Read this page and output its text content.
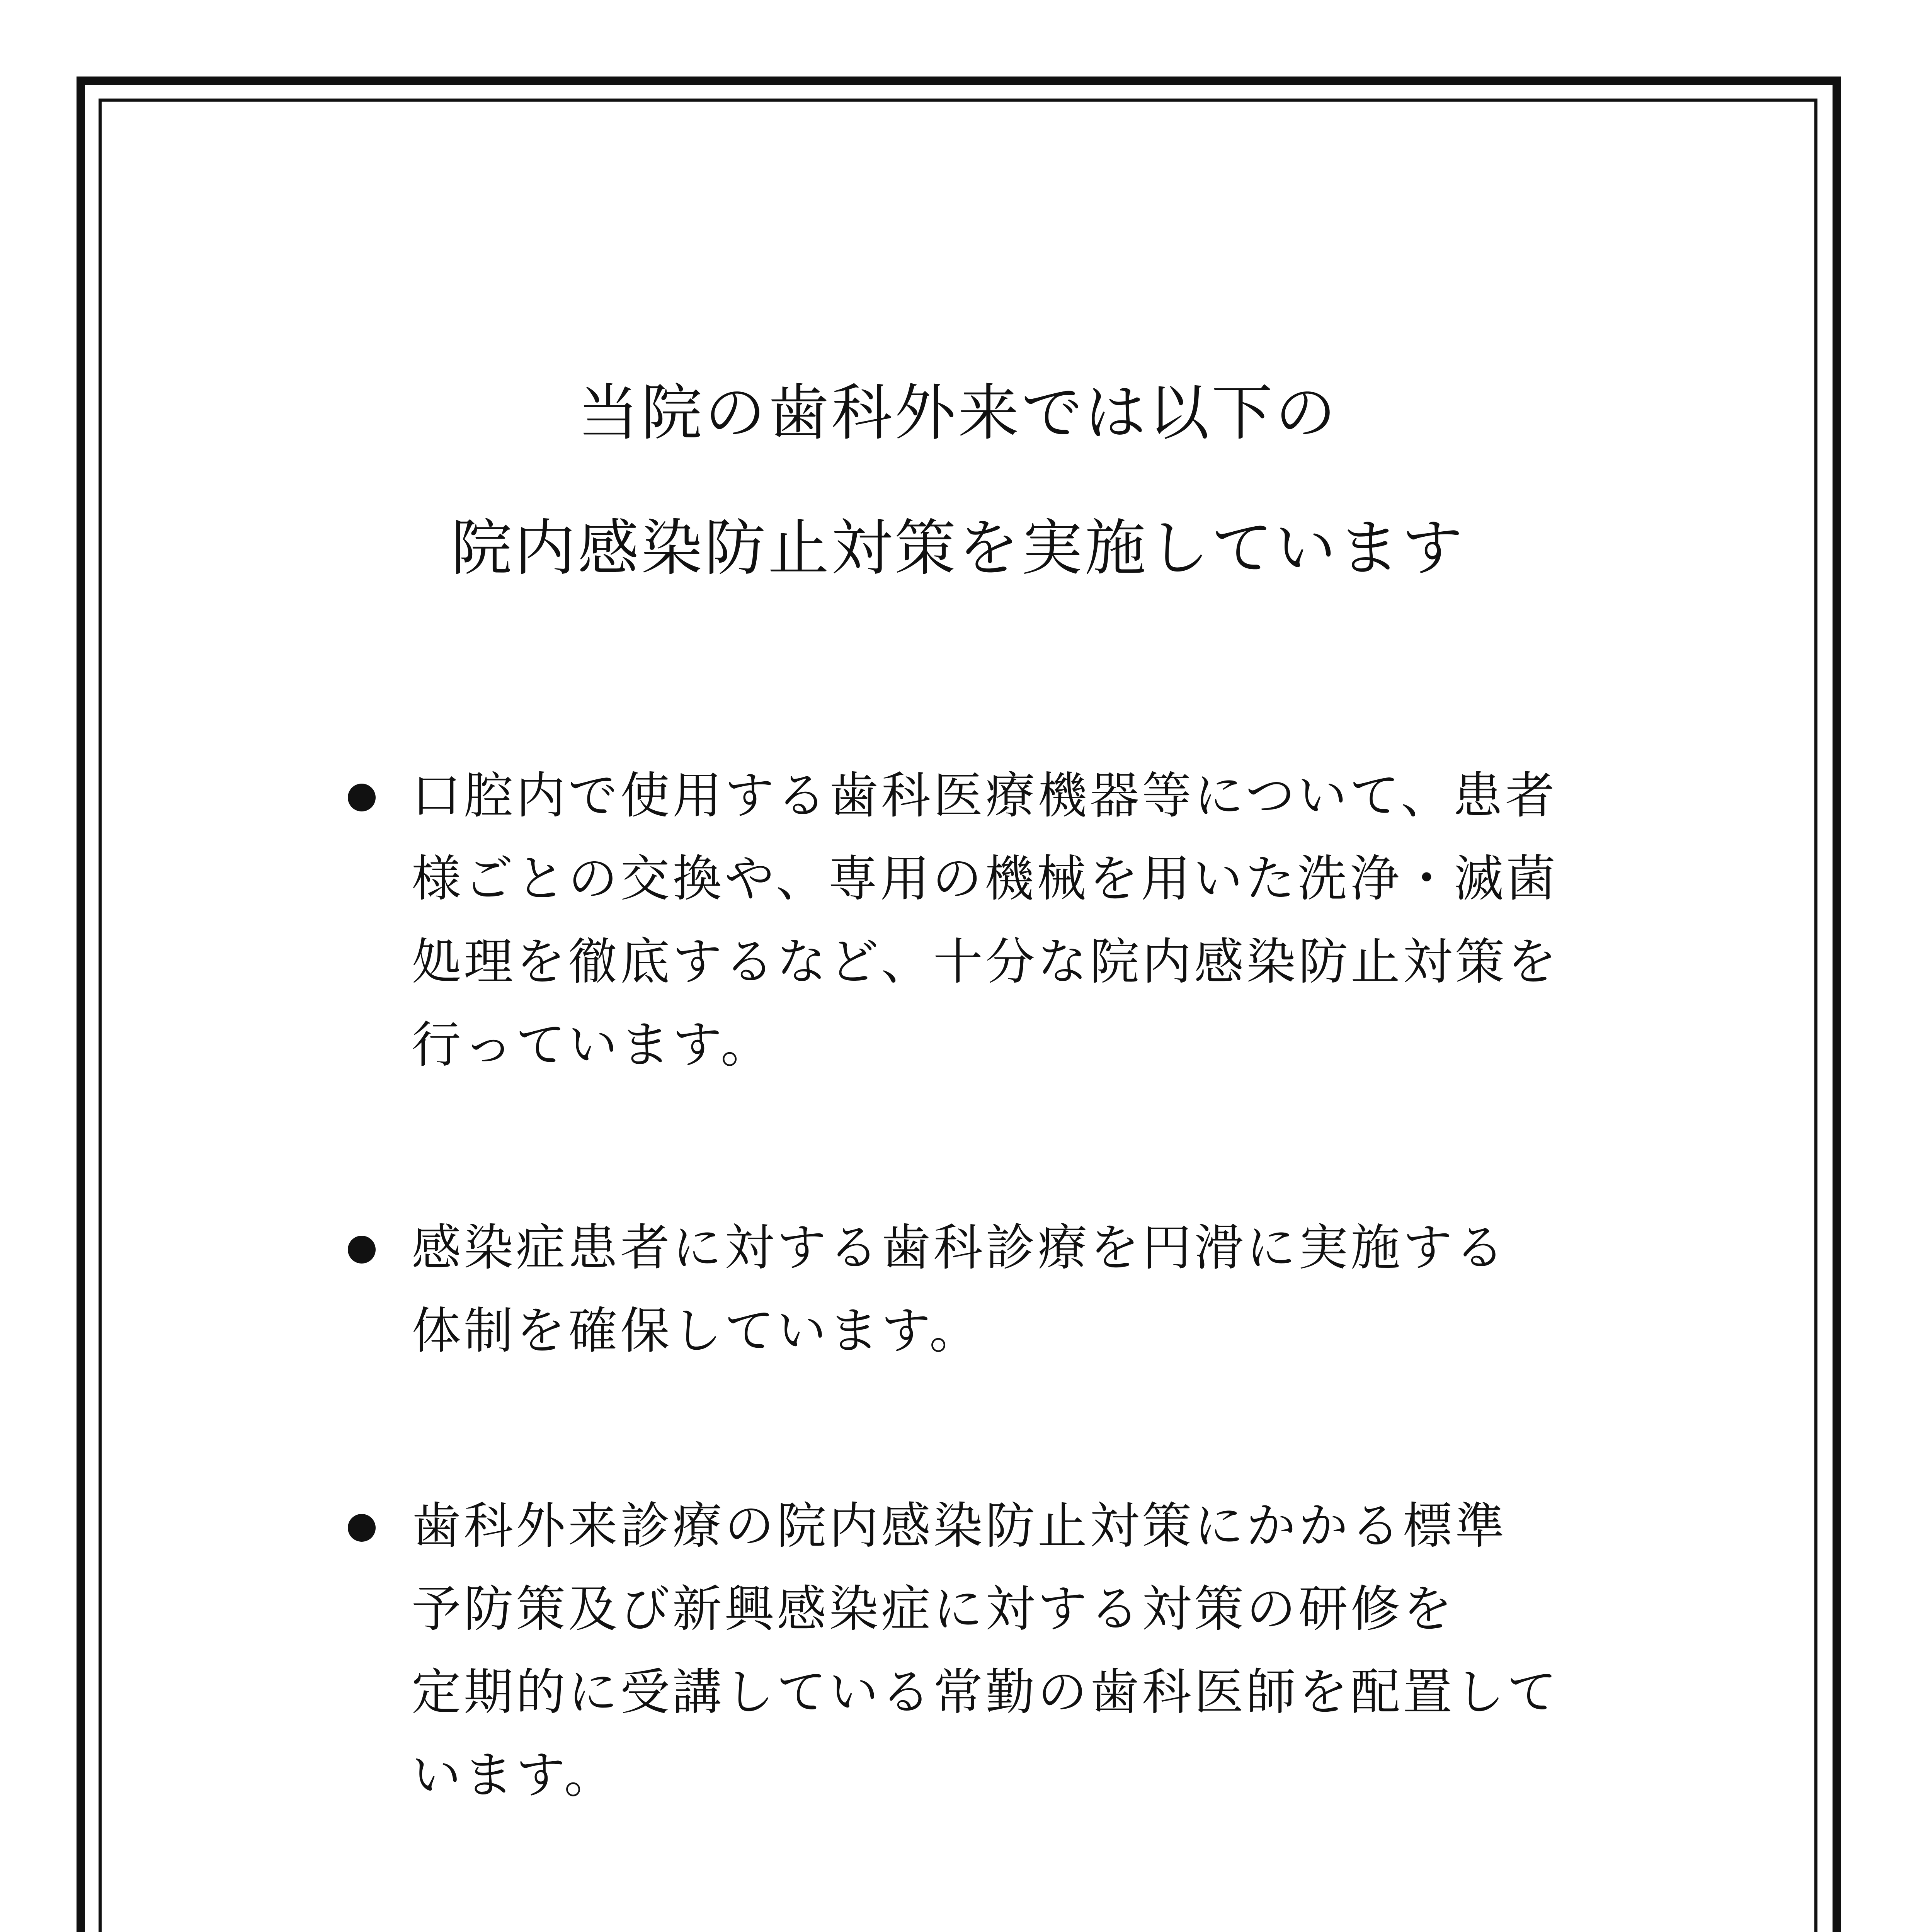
当院の歯科外来では以下の
院内感染防止対策を実施しています
口腔内で使用する歯科医療機器等について、患者
様ごとの交換や、専用の機械を用いた洗浄・滅菌
処理を徹底するなど、十分な院内感染防止対策を
行っています。
感染症患者に対する歯科診療を円滑に実施する
体制を確保しています。
歯科外来診療の院内感染防止対策にかかる標準
予防策及び新興感染症に対する対策の研修を
定期的に受講している常勤の歯科医師を配置して
います。
